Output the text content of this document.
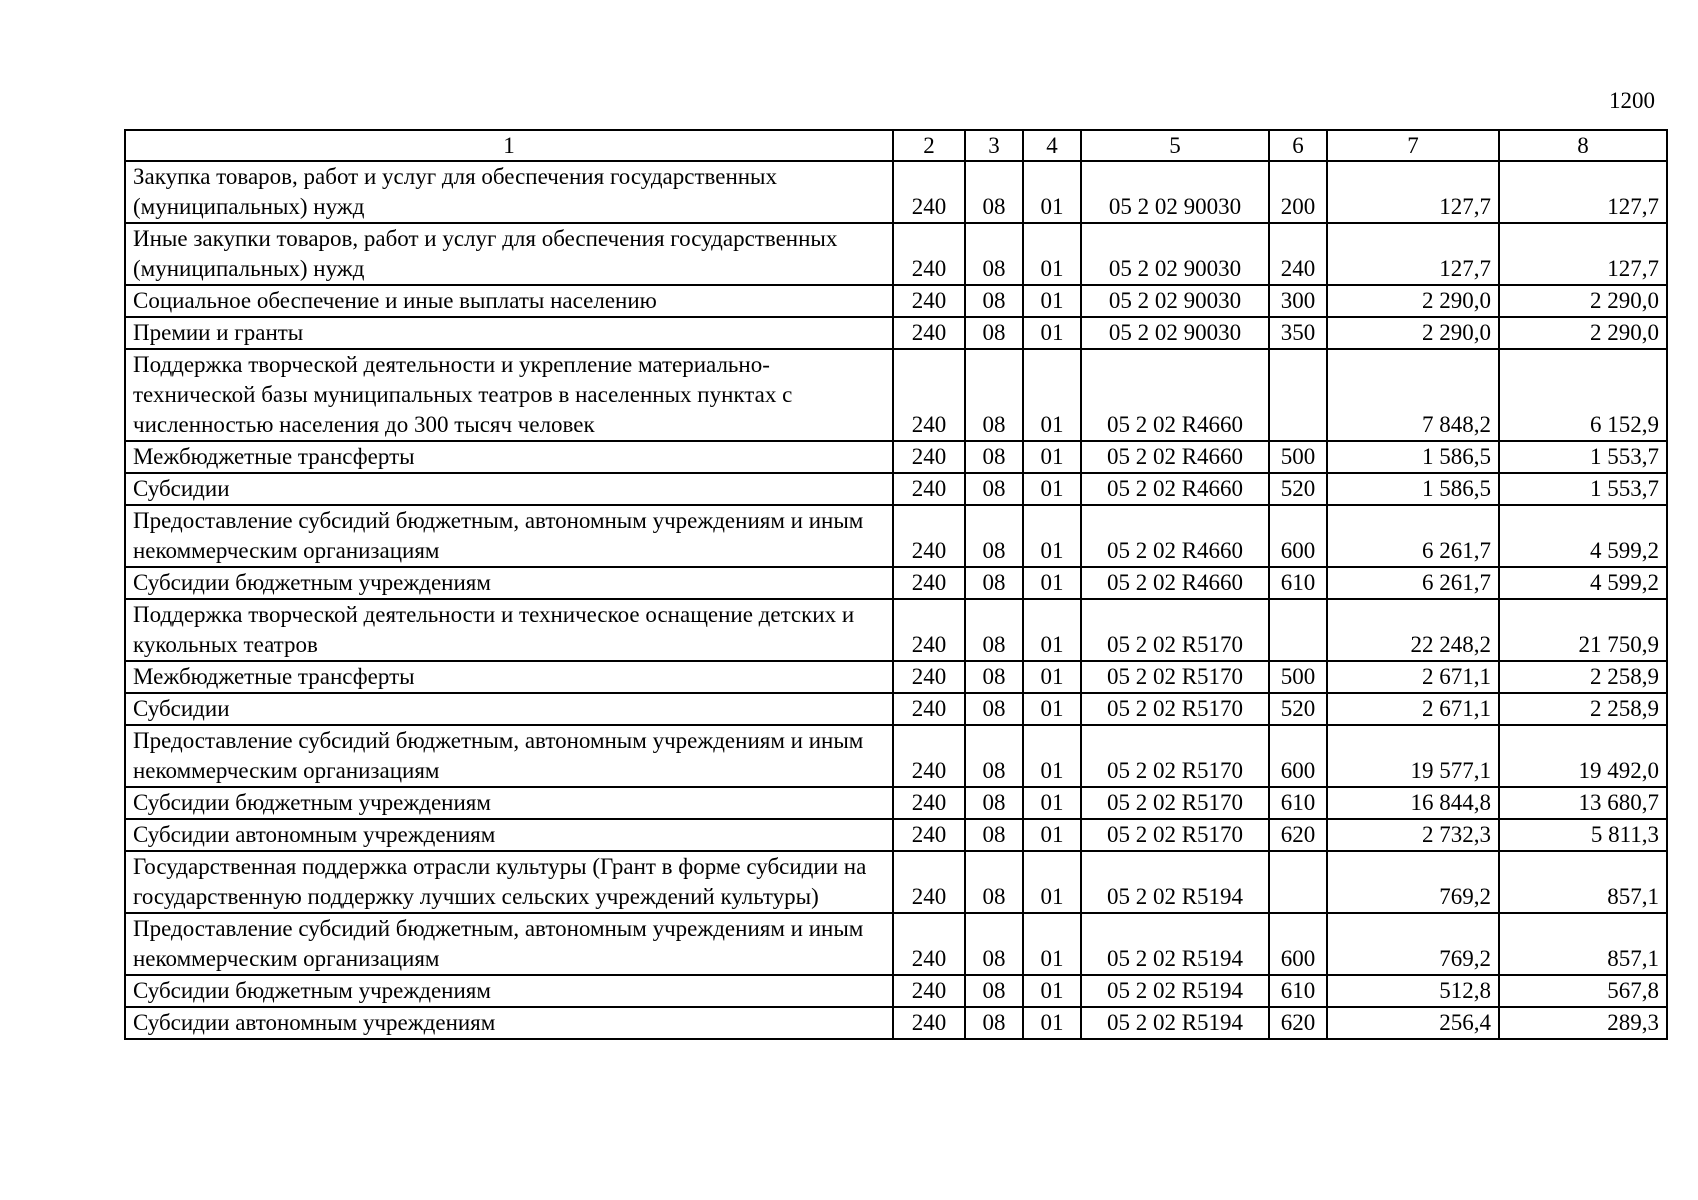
1200
1	2	3	4	5	6	7	8
Закупка товаров, работ и услуг для обеспечения государственных (муниципальных) нужд	240	08	01	05 2 02 90030	200	127,7	127,7
Иные закупки товаров, работ и услуг для обеспечения государственных (муниципальных) нужд	240	08	01	05 2 02 90030	240	127,7	127,7
Социальное обеспечение и иные выплаты населению	240	08	01	05 2 02 90030	300	2 290,0	2 290,0
Премии и гранты	240	08	01	05 2 02 90030	350	2 290,0	2 290,0
Поддержка творческой деятельности и укрепление материально-технической базы муниципальных театров в населенных пунктах с численностью населения до 300 тысяч человек	240	08	01	05 2 02 R4660		7 848,2	6 152,9
Межбюджетные трансферты	240	08	01	05 2 02 R4660	500	1 586,5	1 553,7
Субсидии	240	08	01	05 2 02 R4660	520	1 586,5	1 553,7
Предоставление субсидий бюджетным, автономным учреждениям и иным некоммерческим организациям	240	08	01	05 2 02 R4660	600	6 261,7	4 599,2
Субсидии бюджетным учреждениям	240	08	01	05 2 02 R4660	610	6 261,7	4 599,2
Поддержка творческой деятельности и техническое оснащение детских и кукольных театров	240	08	01	05 2 02 R5170		22 248,2	21 750,9
Межбюджетные трансферты	240	08	01	05 2 02 R5170	500	2 671,1	2 258,9
Субсидии	240	08	01	05 2 02 R5170	520	2 671,1	2 258,9
Предоставление субсидий бюджетным, автономным учреждениям и иным некоммерческим организациям	240	08	01	05 2 02 R5170	600	19 577,1	19 492,0
Субсидии бюджетным учреждениям	240	08	01	05 2 02 R5170	610	16 844,8	13 680,7
Субсидии автономным учреждениям	240	08	01	05 2 02 R5170	620	2 732,3	5 811,3
Государственная поддержка отрасли культуры (Грант в форме субсидии на государственную поддержку лучших сельских учреждений культуры)	240	08	01	05 2 02 R5194		769,2	857,1
Предоставление субсидий бюджетным, автономным учреждениям и иным некоммерческим организациям	240	08	01	05 2 02 R5194	600	769,2	857,1
Субсидии бюджетным учреждениям	240	08	01	05 2 02 R5194	610	512,8	567,8
Субсидии автономным учреждениям	240	08	01	05 2 02 R5194	620	256,4	289,3
